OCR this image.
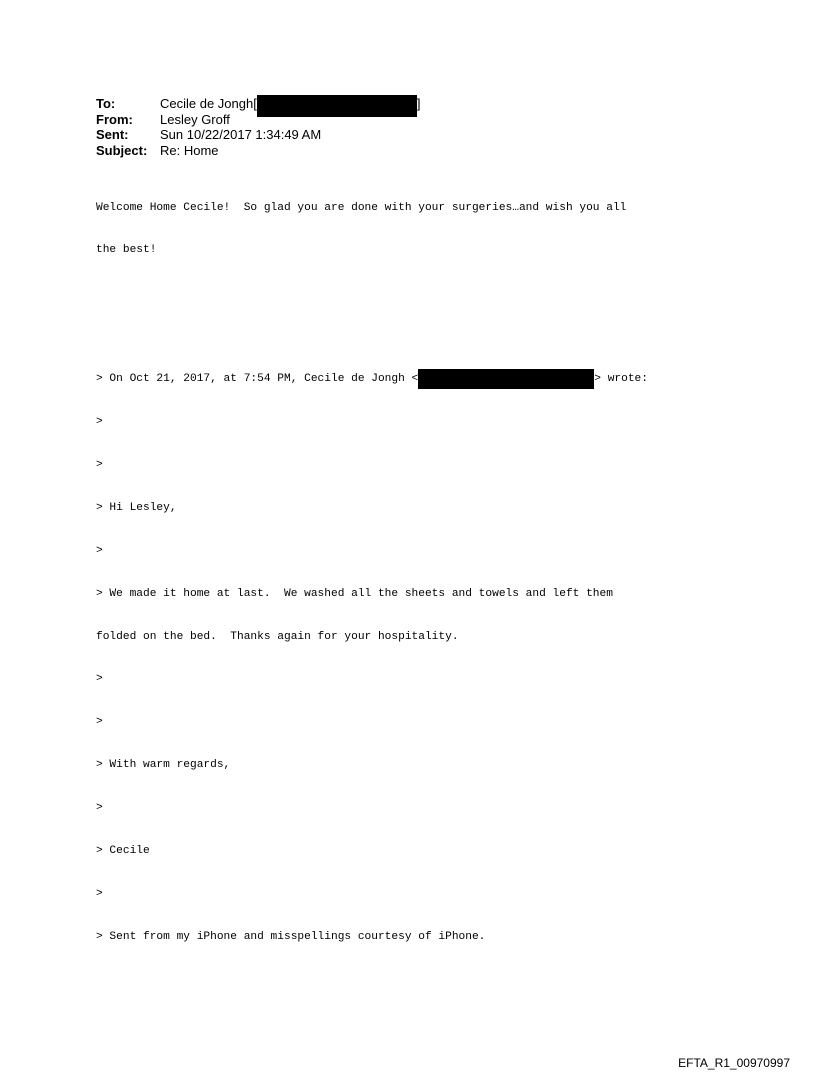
To:	Cecile de Jongh[	]
From: Lesley Groff
Sent: Sun 10/22/2017 1:34:49 AM
Subject: Re: Home

Welcome Home Cecile!  So glad you are done with your surgeries…and wish you all

the best!

> On Oct 21, 2017, at 7:54 PM, Cecile de Jongh <	> wrote:

>

>

> Hi Lesley,

>

> We made it home at last.  We washed all the sheets and towels and left them

folded on the bed.  Thanks again for your hospitality.

>

>

> With warm regards,

>

> Cecile

>

> Sent from my iPhone and misspellings courtesy of iPhone.

EFTA_R1_00970997
